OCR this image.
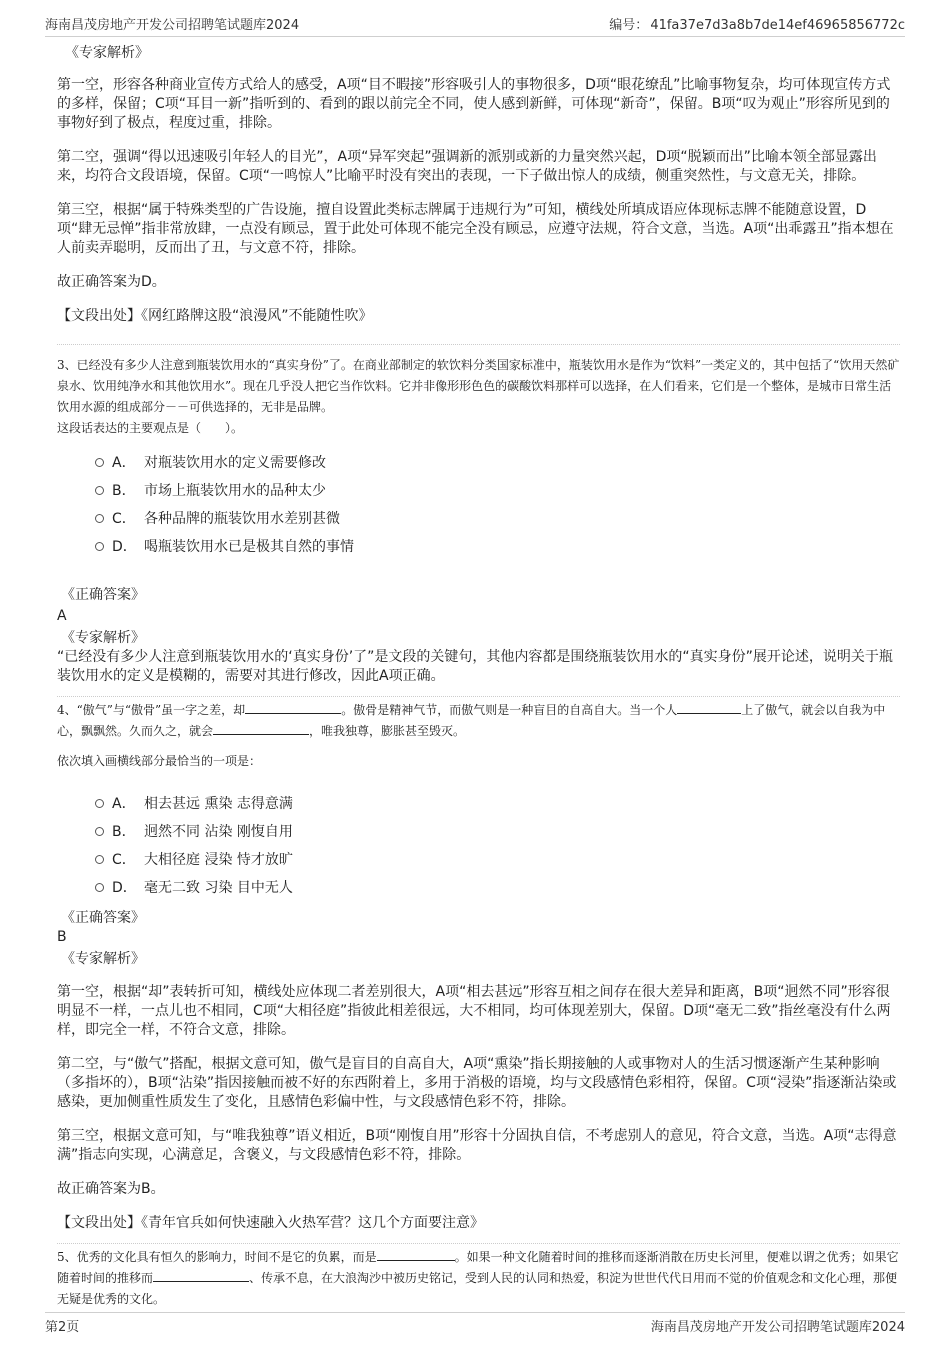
海南昌茂房地产开发公司招聘笔试题库2024	编号： 41fa37e7d3a8b7de14ef46965856772c

《专家解析》

第一空，形容各种商业宣传方式给人的感受，A项“目不暇接”形容吸引人的事物很多，D项“眼花缭乱”比喻事物复杂，均可体现宣传方式的多样，保留；C项“耳目一新”指听到的、看到的跟以前完全不同，使人感到新鲜，可体现“新奇”，保留。B项“叹为观止”形容所见到的事物好到了极点，程度过重，排除。

第二空，强调“得以迅速吸引年轻人的目光”，A项“异军突起”强调新的派别或新的力量突然兴起，D项“脱颖而出”比喻本领全部显露出来，均符合文段语境，保留。C项“一鸣惊人”比喻平时没有突出的表现，一下子做出惊人的成绩，侧重突然性，与文意无关，排除。

第三空，根据“属于特殊类型的广告设施，擅自设置此类标志牌属于违规行为”可知，横线处所填成语应体现标志牌不能随意设置，D项“肆无忌惮”指非常放肆，一点没有顾忌，置于此处可体现不能完全没有顾忌，应遵守法规，符合文意，当选。A项“出乖露丑”指本想在人前卖弄聪明，反而出了丑，与文意不符，排除。

故正确答案为D。

【文段出处】《网红路牌这股“浪漫风”不能随性吹》

3、已经没有多少人注意到瓶装饮用水的“真实身份”了。在商业部制定的软饮料分类国家标准中，瓶装饮用水是作为“饮料”一类定义的，其中包括了“饮用天然矿泉水、饮用纯净水和其他饮用水”。现在几乎没人把它当作饮料。它并非像形形色色的碳酸饮料那样可以选择，在人们看来，它们是一个整体，是城市日常生活饮用水源的组成部分－－可供选择的，无非是品牌。

这段话表达的主要观点是（　　）。

A． 对瓶装饮用水的定义需要修改
B． 市场上瓶装饮用水的品种太少
C． 各种品牌的瓶装饮用水差别甚微
D． 喝瓶装饮用水已是极其自然的事情

《正确答案》

A

《专家解析》

“已经没有多少人注意到瓶装饮用水的‘真实身份’了”是文段的关键句，其他内容都是围绕瓶装饮用水的“真实身份”展开论述，说明关于瓶装饮用水的定义是模糊的，需要对其进行修改，因此A项正确。

4、“傲气”与“傲骨”虽一字之差，却	。傲骨是精神气节，而傲气则是一种盲目的自高自大。当一个人	上了傲气，就会以自我为中心，飘飘然。久而久之，就会	，唯我独尊，膨胀甚至毁灭。

依次填入画横线部分最恰当的一项是：

A． 相去甚远 熏染 志得意满
B． 迥然不同 沾染 刚愎自用
C． 大相径庭 浸染 恃才放旷
D． 毫无二致 习染 目中无人

《正确答案》

B

《专家解析》

第一空，根据“却”表转折可知，横线处应体现二者差别很大，A项“相去甚远”形容互相之间存在很大差异和距离，B项“迥然不同”形容很明显不一样，一点儿也不相同，C项“大相径庭”指彼此相差很远，大不相同，均可体现差别大，保留。D项“毫无二致”指丝毫没有什么两样，即完全一样，不符合文意，排除。

第二空，与“傲气”搭配，根据文意可知，傲气是盲目的自高自大，A项“熏染”指长期接触的人或事物对人的生活习惯逐渐产生某种影响（多指坏的），B项“沾染”指因接触而被不好的东西附着上，多用于消极的语境，均与文段感情色彩相符，保留。C项“浸染”指逐渐沾染或感染，更加侧重性质发生了变化，且感情色彩偏中性，与文段感情色彩不符，排除。

第三空，根据文意可知，与“唯我独尊”语义相近，B项“刚愎自用”形容十分固执自信，不考虑别人的意见，符合文意，当选。A项“志得意满”指志向实现，心满意足，含褒义，与文段感情色彩不符，排除。

故正确答案为B。

【文段出处】《青年官兵如何快速融入火热军营？这几个方面要注意》

5、优秀的文化具有恒久的影响力，时间不是它的负累，而是	。如果一种文化随着时间的推移而逐渐消散在历史长河里，便难以谓之优秀；如果它随着时间的推移而	、传承不息，在大浪淘沙中被历史铭记，受到人民的认同和热爱，积淀为世世代代日用而不觉的价值观念和文化心理，那便无疑是优秀的文化。

第2页	海南昌茂房地产开发公司招聘笔试题库2024
